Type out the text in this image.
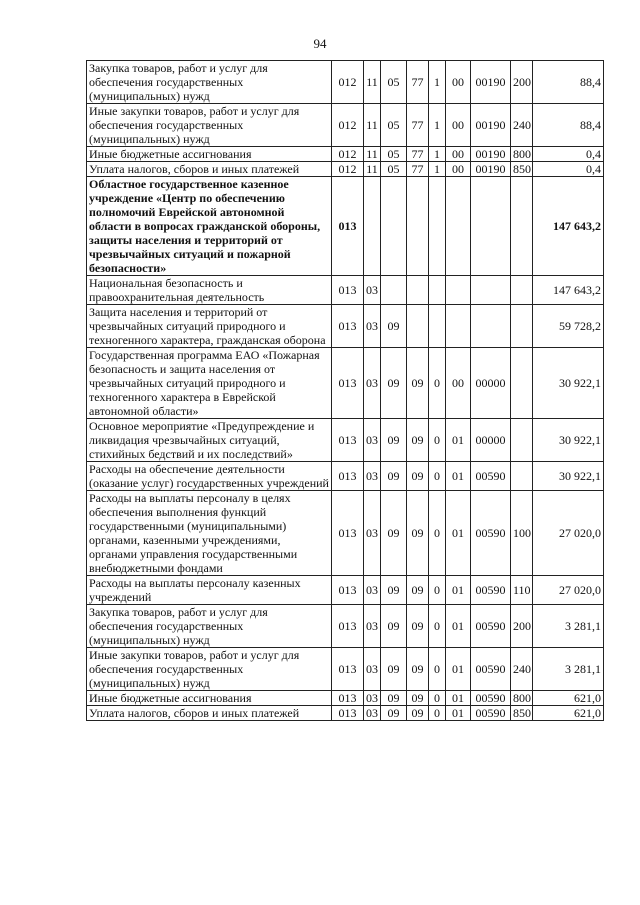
94
Закупка товаров, работ и услуг для обеспечения государственных (муниципальных) нужд	012	11	05	77	1	00	00190	200	88,4
Иные закупки товаров, работ и услуг для обеспечения государственных (муниципальных) нужд	012	11	05	77	1	00	00190	240	88,4
Иные бюджетные ассигнования	012	11	05	77	1	00	00190	800	0,4
Уплата налогов, сборов и иных платежей	012	11	05	77	1	00	00190	850	0,4
Областное государственное казенное учреждение «Центр по обеспечению полномочий Еврейской автономной области в вопросах гражданской обороны, защиты населения и территорий от чрезвычайных ситуаций и пожарной безопасности»	013								147 643,2
Национальная безопасность и правоохранительная деятельность	013	03							147 643,2
Защита населения и территорий от чрезвычайных ситуаций природного и техногенного характера, гражданская оборона	013	03	09						59 728,2
Государственная программа ЕАО «Пожарная безопасность и защита населения от чрезвычайных ситуаций природного и техногенного характера в Еврейской автономной области»	013	03	09	09	0	00	00000		30 922,1
Основное мероприятие «Предупреждение и ликвидация чрезвычайных ситуаций, стихийных бедствий и их последствий»	013	03	09	09	0	01	00000		30 922,1
Расходы на обеспечение деятельности (оказание услуг) государственных учреждений	013	03	09	09	0	01	00590		30 922,1
Расходы на выплаты персоналу в целях обеспечения выполнения функций государственными (муниципальными) органами, казенными учреждениями, органами управления государственными внебюджетными фондами	013	03	09	09	0	01	00590	100	27 020,0
Расходы на выплаты персоналу казенных учреждений	013	03	09	09	0	01	00590	110	27 020,0
Закупка товаров, работ и услуг для обеспечения государственных (муниципальных) нужд	013	03	09	09	0	01	00590	200	3 281,1
Иные закупки товаров, работ и услуг для обеспечения государственных (муниципальных) нужд	013	03	09	09	0	01	00590	240	3 281,1
Иные бюджетные ассигнования	013	03	09	09	0	01	00590	800	621,0
Уплата налогов, сборов и иных платежей	013	03	09	09	0	01	00590	850	621,0
